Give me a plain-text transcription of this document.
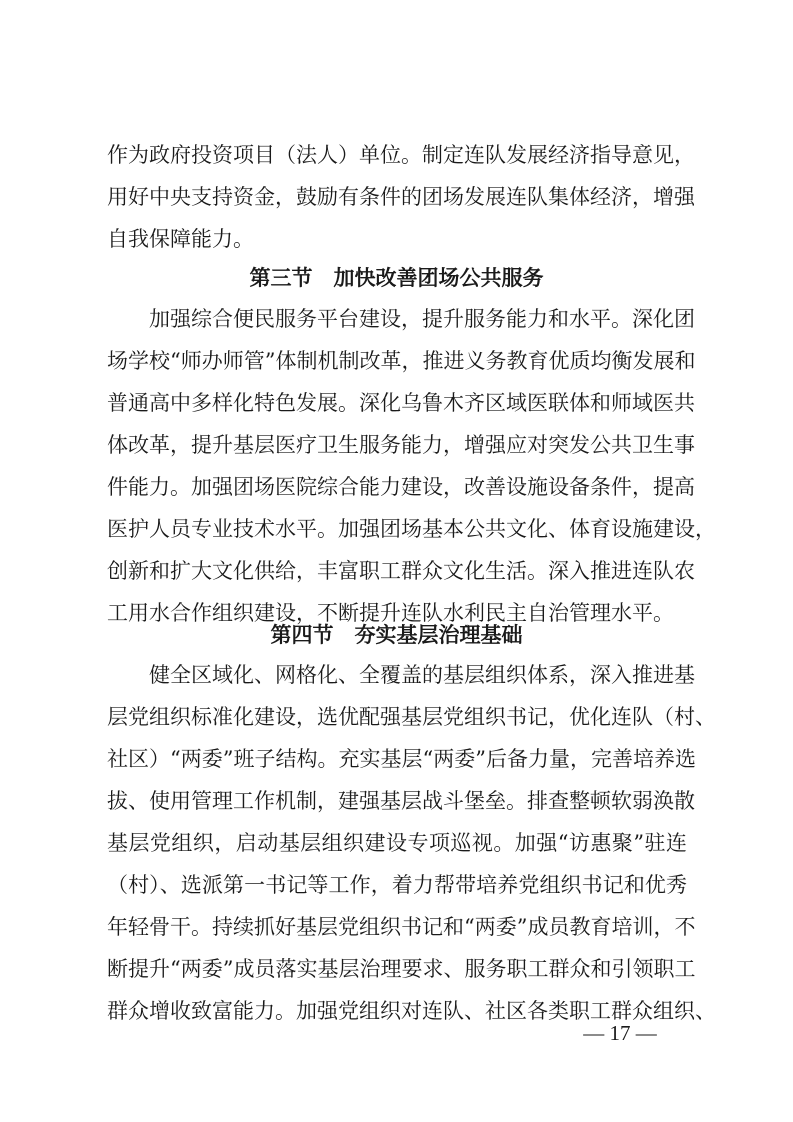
作为政府投资项目（法人）单位。制定连队发展经济指导意见，
用好中央支持资金，鼓励有条件的团场发展连队集体经济，增强
自我保障能力。
第三节　加快改善团场公共服务
加强综合便民服务平台建设，提升服务能力和水平。深化团
场学校“师办师管”体制机制改革，推进义务教育优质均衡发展和
普通高中多样化特色发展。深化乌鲁木齐区域医联体和师域医共
体改革，提升基层医疗卫生服务能力，增强应对突发公共卫生事
件能力。加强团场医院综合能力建设，改善设施设备条件，提高
医护人员专业技术水平。加强团场基本公共文化、体育设施建设，
创新和扩大文化供给，丰富职工群众文化生活。深入推进连队农
工用水合作组织建设，不断提升连队水利民主自治管理水平。
第四节　夯实基层治理基础
健全区域化、网格化、全覆盖的基层组织体系，深入推进基
层党组织标准化建设，选优配强基层党组织书记，优化连队（村、
社区）“两委”班子结构。充实基层“两委”后备力量，完善培养选
拔、使用管理工作机制，建强基层战斗堡垒。排查整顿软弱涣散
基层党组织，启动基层组织建设专项巡视。加强“访惠聚”驻连
（村）、选派第一书记等工作，着力帮带培养党组织书记和优秀
年轻骨干。持续抓好基层党组织书记和“两委”成员教育培训，不
断提升“两委”成员落实基层治理要求、服务职工群众和引领职工
群众增收致富能力。加强党组织对连队、社区各类职工群众组织、
— 17 —
